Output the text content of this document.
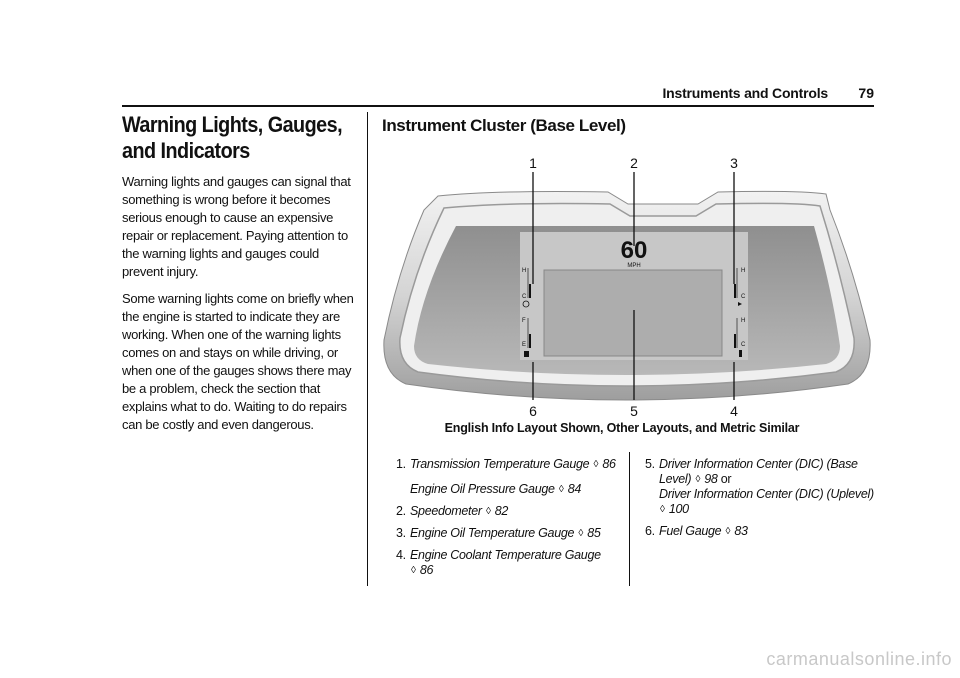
Instruments and Controls 79
Warning Lights, Gauges, and Indicators

Warning lights and gauges can signal that something is wrong before it becomes serious enough to cause an expensive repair or replacement. Paying attention to the warning lights and gauges could prevent injury.

Some warning lights come on briefly when the engine is started to indicate they are working. When one of the warning lights comes on and stays on while driving, or when one of the gauges shows there may be a problem, check the section that explains what to do. Waiting to do repairs can be costly and even dangerous.

Instrument Cluster (Base Level)
60
MPH
H
C
F
E
H
C
H
C
1	2	3
6	5	4
English Info Layout Shown, Other Layouts, and Metric Similar
1. Transmission Temperature Gauge ◊ 86
Engine Oil Pressure Gauge ◊ 84
2. Speedometer ◊ 82
3. Engine Oil Temperature Gauge ◊ 85
4. Engine Coolant Temperature Gauge
◊ 86
5. Driver Information Center (DIC) (Base Level) ◊ 98 or
Driver Information Center (DIC) (Uplevel) ◊ 100
6. Fuel Gauge ◊ 83
carmanualsonline.info
